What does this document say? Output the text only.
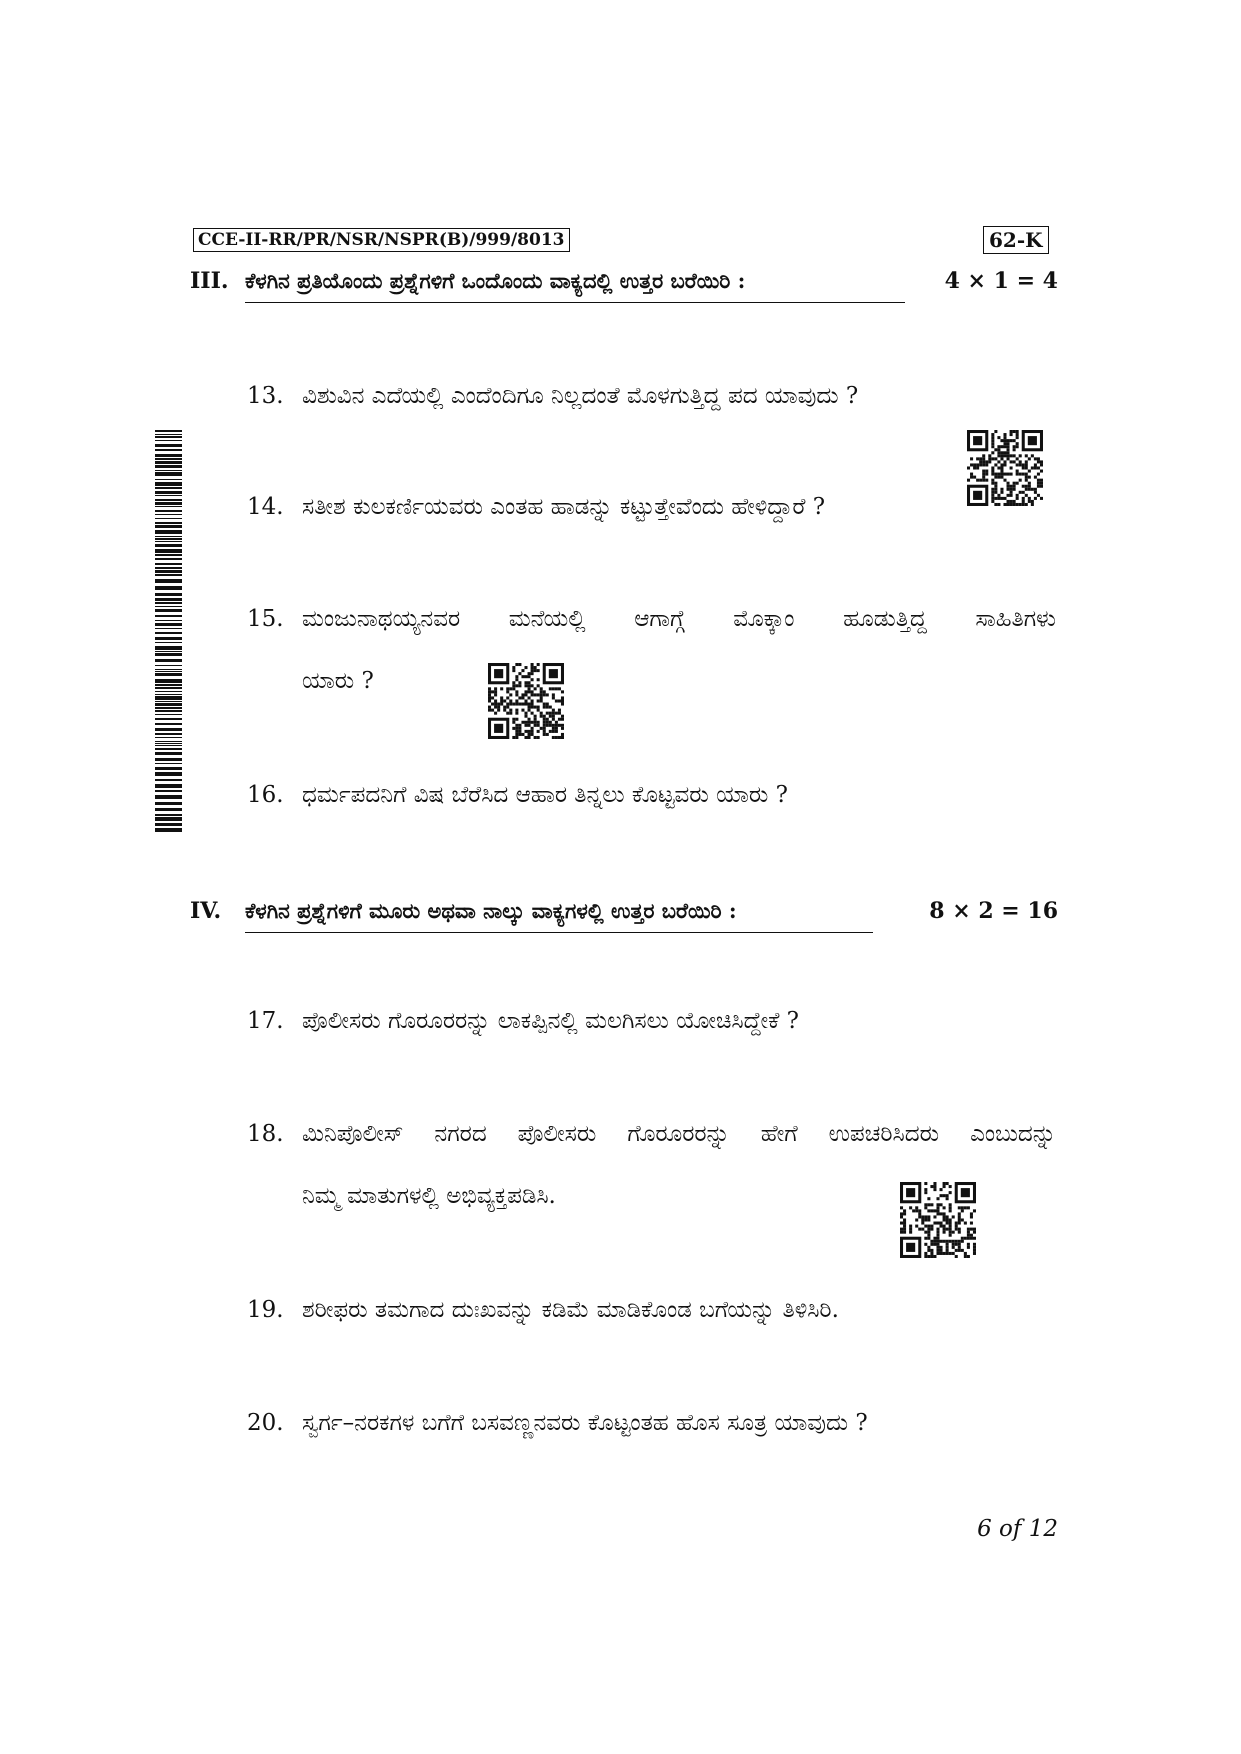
CCE-II-RR/PR/NSR/NSPR(B)/999/8013	62-K
III. ಕೆಳಗಿನ ಪ್ರತಿಯೊಂದು ಪ್ರಶ್ನೆಗಳಿಗೆ ಒಂದೊಂದು ವಾಕ್ಯದಲ್ಲಿ ಉತ್ತರ ಬರೆಯಿರಿ :	4 × 1 = 4
13. ವಿಶುವಿನ ಎದೆಯಲ್ಲಿ ಎಂದೆಂದಿಗೂ ನಿಲ್ಲದಂತೆ ಮೊಳಗುತ್ತಿದ್ದ ಪದ ಯಾವುದು ?
14. ಸತೀಶ ಕುಲಕರ್ಣಿಯವರು ಎಂತಹ ಹಾಡನ್ನು ಕಟ್ಟುತ್ತೇವೆಂದು ಹೇಳಿದ್ದಾರೆ ?
15. ಮಂಜುನಾಥಯ್ಯನವರ ಮನೆಯಲ್ಲಿ ಆಗಾಗ್ಗೆ ಮೊಕ್ಕಾಂ ಹೂಡುತ್ತಿದ್ದ ಸಾಹಿತಿಗಳು
ಯಾರು ?
16. ಧರ್ಮಪದನಿಗೆ ವಿಷ ಬೆರೆಸಿದ ಆಹಾರ ತಿನ್ನಲು ಕೊಟ್ಟವರು ಯಾರು ?
IV. ಕೆಳಗಿನ ಪ್ರಶ್ನೆಗಳಿಗೆ ಮೂರು ಅಥವಾ ನಾಲ್ಕು ವಾಕ್ಯಗಳಲ್ಲಿ ಉತ್ತರ ಬರೆಯಿರಿ :	8 × 2 = 16
17. ಪೊಲೀಸರು ಗೊರೂರರನ್ನು ಲಾಕಪ್ಪಿನಲ್ಲಿ ಮಲಗಿಸಲು ಯೋಚಿಸಿದ್ದೇಕೆ ?
18. ಮಿನಿಪೊಲೀಸ್ ನಗರದ ಪೊಲೀಸರು ಗೊರೂರರನ್ನು ಹೇಗೆ ಉಪಚರಿಸಿದರು ಎಂಬುದನ್ನು
ನಿಮ್ಮ ಮಾತುಗಳಲ್ಲಿ ಅಭಿವ್ಯಕ್ತಪಡಿಸಿ.
19. ಶರೀಫರು ತಮಗಾದ ದುಃಖವನ್ನು ಕಡಿಮೆ ಮಾಡಿಕೊಂಡ ಬಗೆಯನ್ನು ತಿಳಿಸಿರಿ.
20. ಸ್ವರ್ಗ–ನರಕಗಳ ಬಗೆಗೆ ಬಸವಣ್ಣನವರು ಕೊಟ್ಟಂತಹ ಹೊಸ ಸೂತ್ರ ಯಾವುದು ?
6 of 12
